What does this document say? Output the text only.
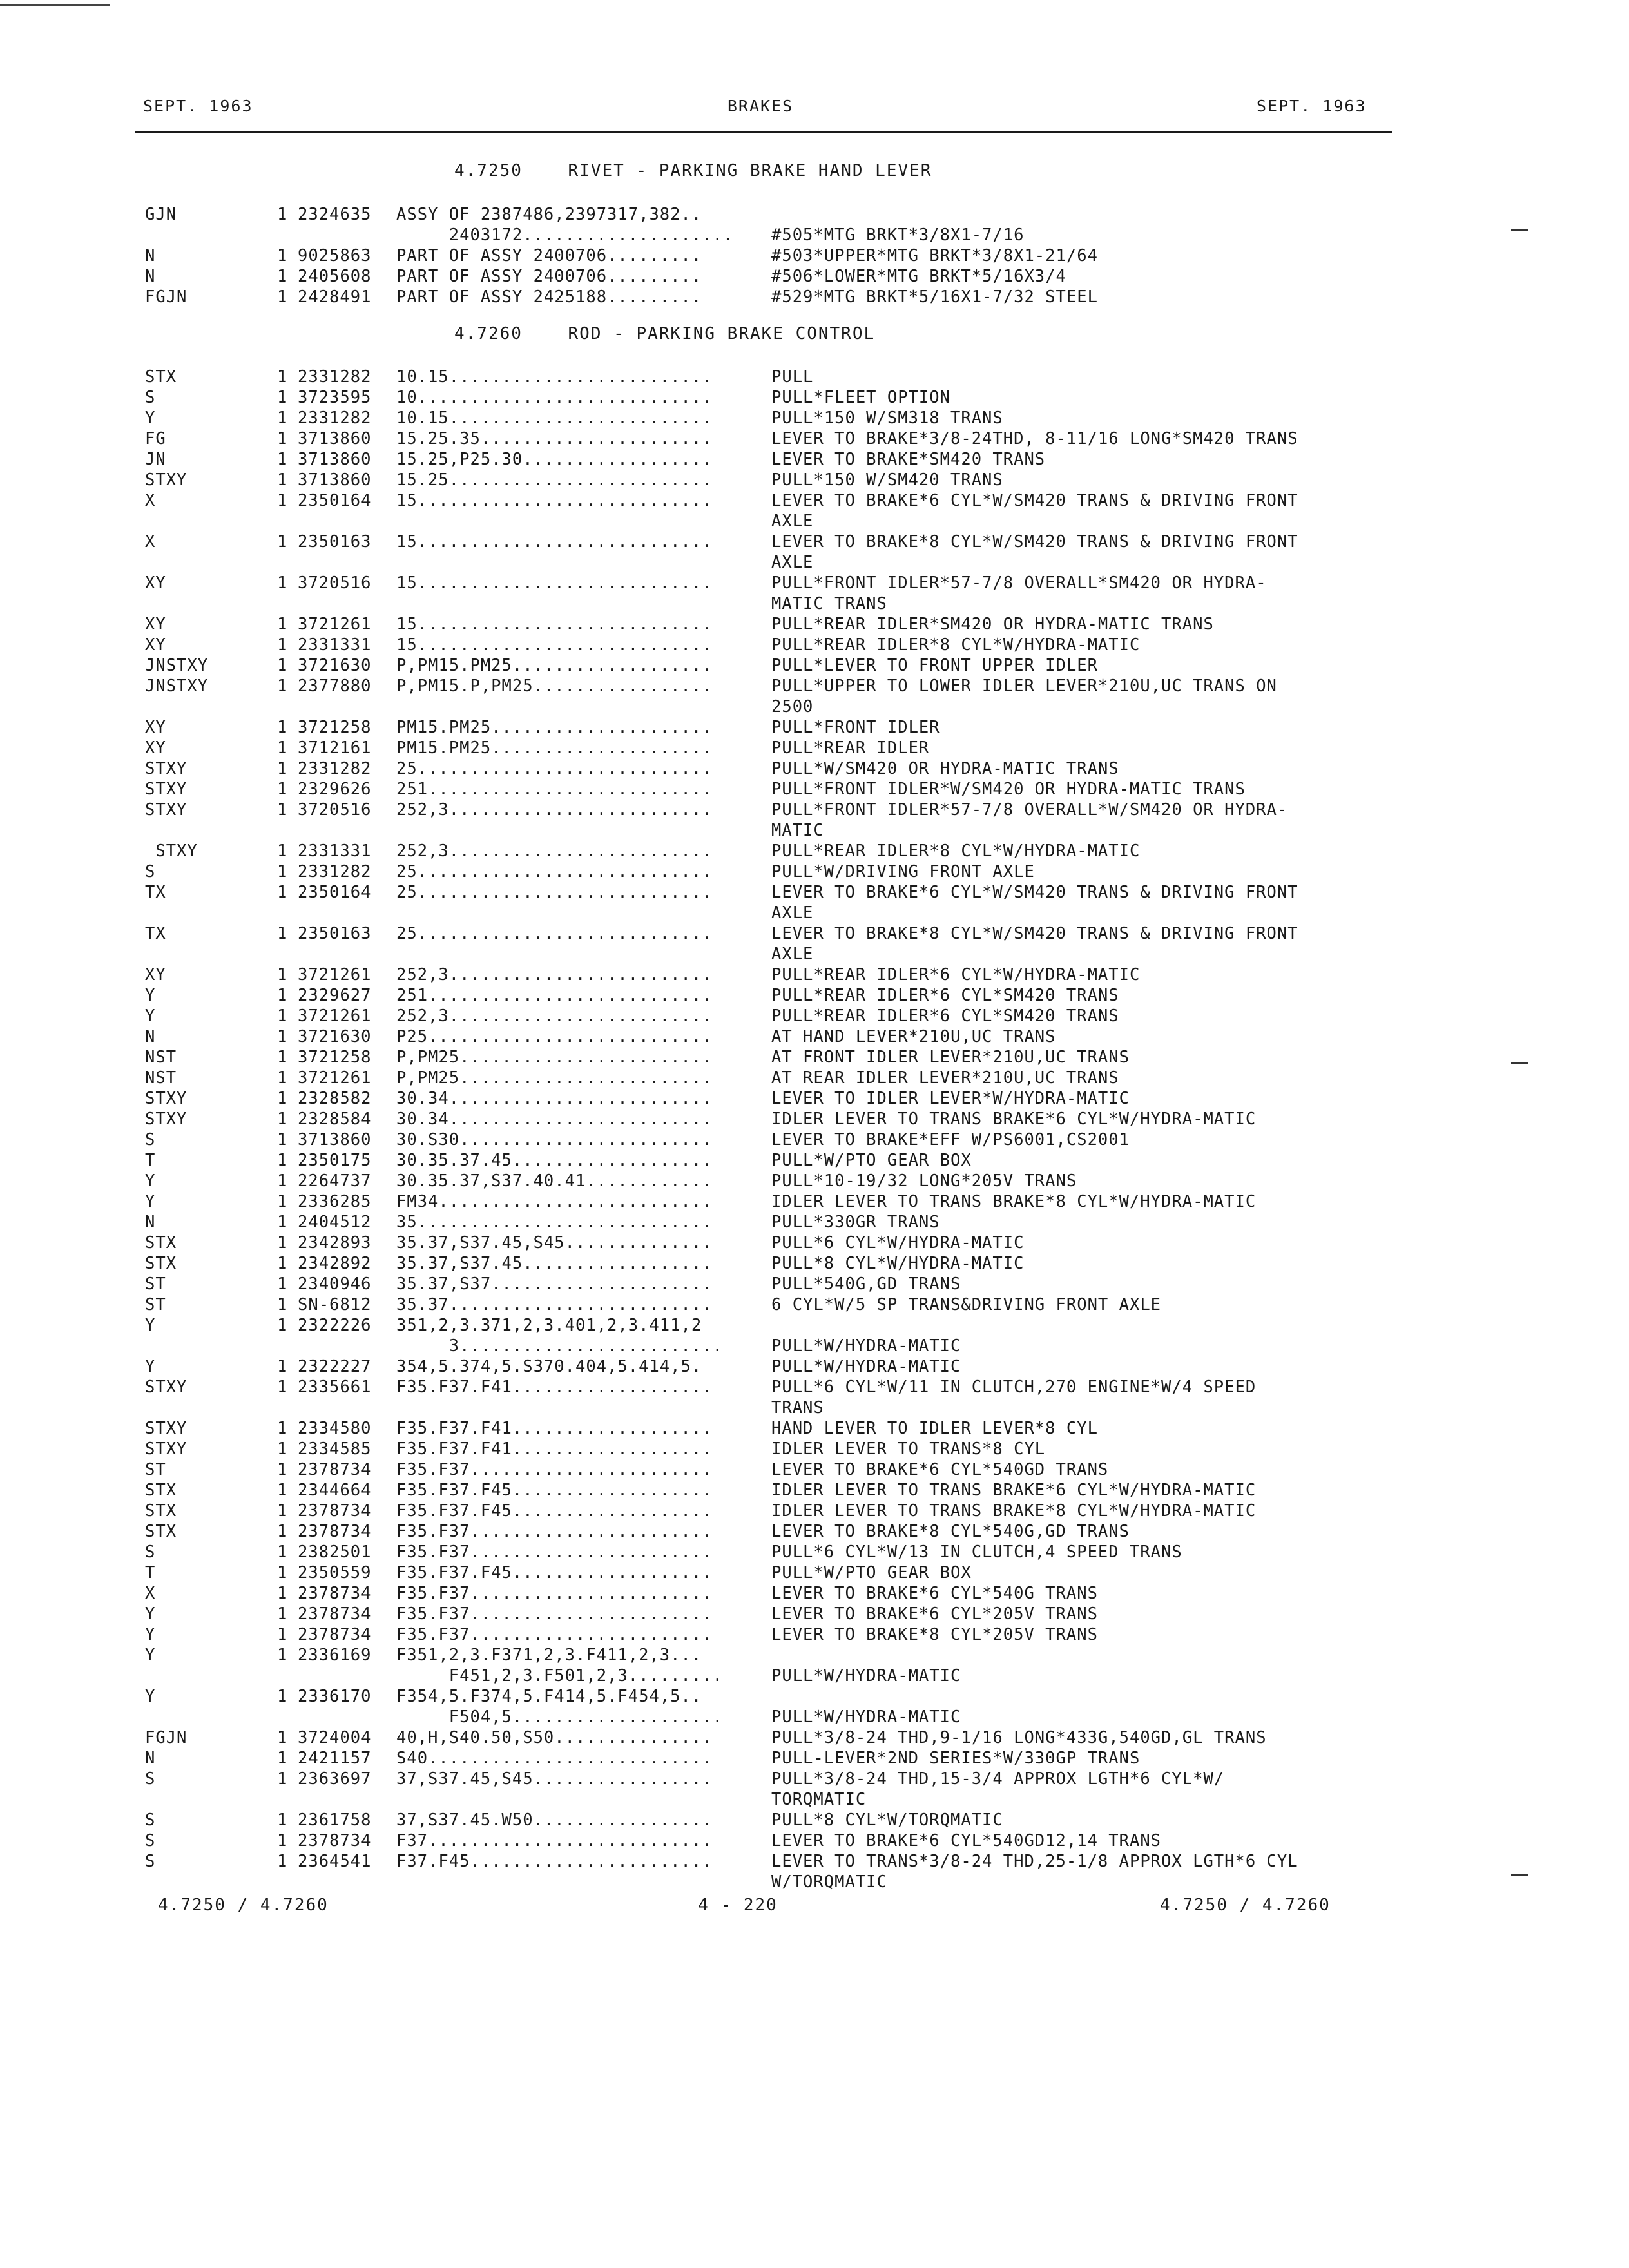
SEPT. 1963	BRAKES	SEPT. 1963
4.7250    RIVET - PARKING BRAKE HAND LEVER
GJN	1 2324635 ASSY OF 2387486,2397317,382..
2403172.................... #505*MTG BRKT*3/8X1-7/16
N	1 9025863 PART OF ASSY 2400706.........	#503*UPPER*MTG BRKT*3/8X1-21/64
N	1 2405608 PART OF ASSY 2400706.........	#506*LOWER*MTG BRKT*5/16X3/4
FGJN	1 2428491 PART OF ASSY 2425188.........	#529*MTG BRKT*5/16X1-7/32 STEEL
4.7260    ROD - PARKING BRAKE CONTROL
STX	1 2331282 10.15.........................	PULL
S	1 3723595 10............................	PULL*FLEET OPTION
Y	1 2331282 10.15.........................	PULL*150 W/SM318 TRANS
FG	1 3713860 15.25.35......................	LEVER TO BRAKE*3/8-24THD, 8-11/16 LONG*SM420 TRANS
JN	1 3713860 15.25,P25.30..................	LEVER TO BRAKE*SM420 TRANS
STXY	1 3713860 15.25.........................	PULL*150 W/SM420 TRANS
X	1 2350164 15............................	LEVER TO BRAKE*6 CYL*W/SM420 TRANS & DRIVING FRONT
AXLE
X	1 2350163 15............................	LEVER TO BRAKE*8 CYL*W/SM420 TRANS & DRIVING FRONT
AXLE
XY	1 3720516 15............................	PULL*FRONT IDLER*57-7/8 OVERALL*SM420 OR HYDRA-
MATIC TRANS
XY	1 3721261 15............................	PULL*REAR IDLER*SM420 OR HYDRA-MATIC TRANS
XY	1 2331331 15............................	PULL*REAR IDLER*8 CYL*W/HYDRA-MATIC
JNSTXY	1 3721630 P,PM15.PM25...................	PULL*LEVER TO FRONT UPPER IDLER
JNSTXY	1 2377880 P,PM15.P,PM25.................	PULL*UPPER TO LOWER IDLER LEVER*210U,UC TRANS ON
2500
XY	1 3721258 PM15.PM25.....................	PULL*FRONT IDLER
XY	1 3712161 PM15.PM25.....................	PULL*REAR IDLER
STXY	1 2331282 25............................	PULL*W/SM420 OR HYDRA-MATIC TRANS
STXY	1 2329626 251...........................	PULL*FRONT IDLER*W/SM420 OR HYDRA-MATIC TRANS
STXY	1 3720516 252,3.........................	PULL*FRONT IDLER*57-7/8 OVERALL*W/SM420 OR HYDRA-
MATIC
STXY	1 2331331 252,3.........................	PULL*REAR IDLER*8 CYL*W/HYDRA-MATIC
S	1 2331282 25............................	PULL*W/DRIVING FRONT AXLE
TX	1 2350164 25............................	LEVER TO BRAKE*6 CYL*W/SM420 TRANS & DRIVING FRONT
AXLE
TX	1 2350163 25............................	LEVER TO BRAKE*8 CYL*W/SM420 TRANS & DRIVING FRONT
AXLE
XY	1 3721261 252,3.........................	PULL*REAR IDLER*6 CYL*W/HYDRA-MATIC
Y	1 2329627 251...........................	PULL*REAR IDLER*6 CYL*SM420 TRANS
Y	1 3721261 252,3.........................	PULL*REAR IDLER*6 CYL*SM420 TRANS
N	1 3721630 P25...........................	AT HAND LEVER*210U,UC TRANS
NST	1 3721258 P,PM25........................	AT FRONT IDLER LEVER*210U,UC TRANS
NST	1 3721261 P,PM25........................	AT REAR IDLER LEVER*210U,UC TRANS
STXY	1 2328582 30.34.........................	LEVER TO IDLER LEVER*W/HYDRA-MATIC
STXY	1 2328584 30.34.........................	IDLER LEVER TO TRANS BRAKE*6 CYL*W/HYDRA-MATIC
S	1 3713860 30.S30........................	LEVER TO BRAKE*EFF W/PS6001,CS2001
T	1 2350175 30.35.37.45...................	PULL*W/PTO GEAR BOX
Y	1 2264737 30.35.37,S37.40.41............	PULL*10-19/32 LONG*205V TRANS
Y	1 2336285 FM34..........................	IDLER LEVER TO TRANS BRAKE*8 CYL*W/HYDRA-MATIC
N	1 2404512 35............................	PULL*330GR TRANS
STX	1 2342893 35.37,S37.45,S45..............	PULL*6 CYL*W/HYDRA-MATIC
STX	1 2342892 35.37,S37.45..................	PULL*8 CYL*W/HYDRA-MATIC
ST	1 2340946 35.37,S37.....................	PULL*540G,GD TRANS
ST	1 SN-6812 35.37.........................	6 CYL*W/5 SP TRANS&DRIVING FRONT AXLE
Y	1 2322226 351,2,3.371,2,3.401,2,3.411,2
3.........................	PULL*W/HYDRA-MATIC
Y	1 2322227 354,5.374,5.S370.404,5.414,5.	PULL*W/HYDRA-MATIC
STXY	1 2335661 F35.F37.F41...................	PULL*6 CYL*W/11 IN CLUTCH,270 ENGINE*W/4 SPEED
TRANS
STXY	1 2334580 F35.F37.F41...................	HAND LEVER TO IDLER LEVER*8 CYL
STXY	1 2334585 F35.F37.F41...................	IDLER LEVER TO TRANS*8 CYL
ST	1 2378734 F35.F37.......................	LEVER TO BRAKE*6 CYL*540GD TRANS
STX	1 2344664 F35.F37.F45...................	IDLER LEVER TO TRANS BRAKE*6 CYL*W/HYDRA-MATIC
STX	1 2378734 F35.F37.F45...................	IDLER LEVER TO TRANS BRAKE*8 CYL*W/HYDRA-MATIC
STX	1 2378734 F35.F37.......................	LEVER TO BRAKE*8 CYL*540G,GD TRANS
S	1 2382501 F35.F37.......................	PULL*6 CYL*W/13 IN CLUTCH,4 SPEED TRANS
T	1 2350559 F35.F37.F45...................	PULL*W/PTO GEAR BOX
X	1 2378734 F35.F37.......................	LEVER TO BRAKE*6 CYL*540G TRANS
Y	1 2378734 F35.F37.......................	LEVER TO BRAKE*6 CYL*205V TRANS
Y	1 2378734 F35.F37.......................	LEVER TO BRAKE*8 CYL*205V TRANS
Y	1 2336169 F351,2,3.F371,2,3.F411,2,3...
F451,2,3.F501,2,3.........	PULL*W/HYDRA-MATIC
Y	1 2336170 F354,5.F374,5.F414,5.F454,5..
F504,5....................	PULL*W/HYDRA-MATIC
FGJN	1 3724004 40,H,S40.50,S50...............	PULL*3/8-24 THD,9-1/16 LONG*433G,540GD,GL TRANS
N	1 2421157 S40...........................	PULL-LEVER*2ND SERIES*W/330GP TRANS
S	1 2363697 37,S37.45,S45.................	PULL*3/8-24 THD,15-3/4 APPROX LGTH*6 CYL*W/
TORQMATIC
S	1 2361758 37,S37.45.W50.................	PULL*8 CYL*W/TORQMATIC
S	1 2378734 F37...........................	LEVER TO BRAKE*6 CYL*540GD12,14 TRANS
S	1 2364541 F37.F45.......................	LEVER TO TRANS*3/8-24 THD,25-1/8 APPROX LGTH*6 CYL
W/TORQMATIC
4.7250 / 4.7260	4 - 220	4.7250 / 4.7260
